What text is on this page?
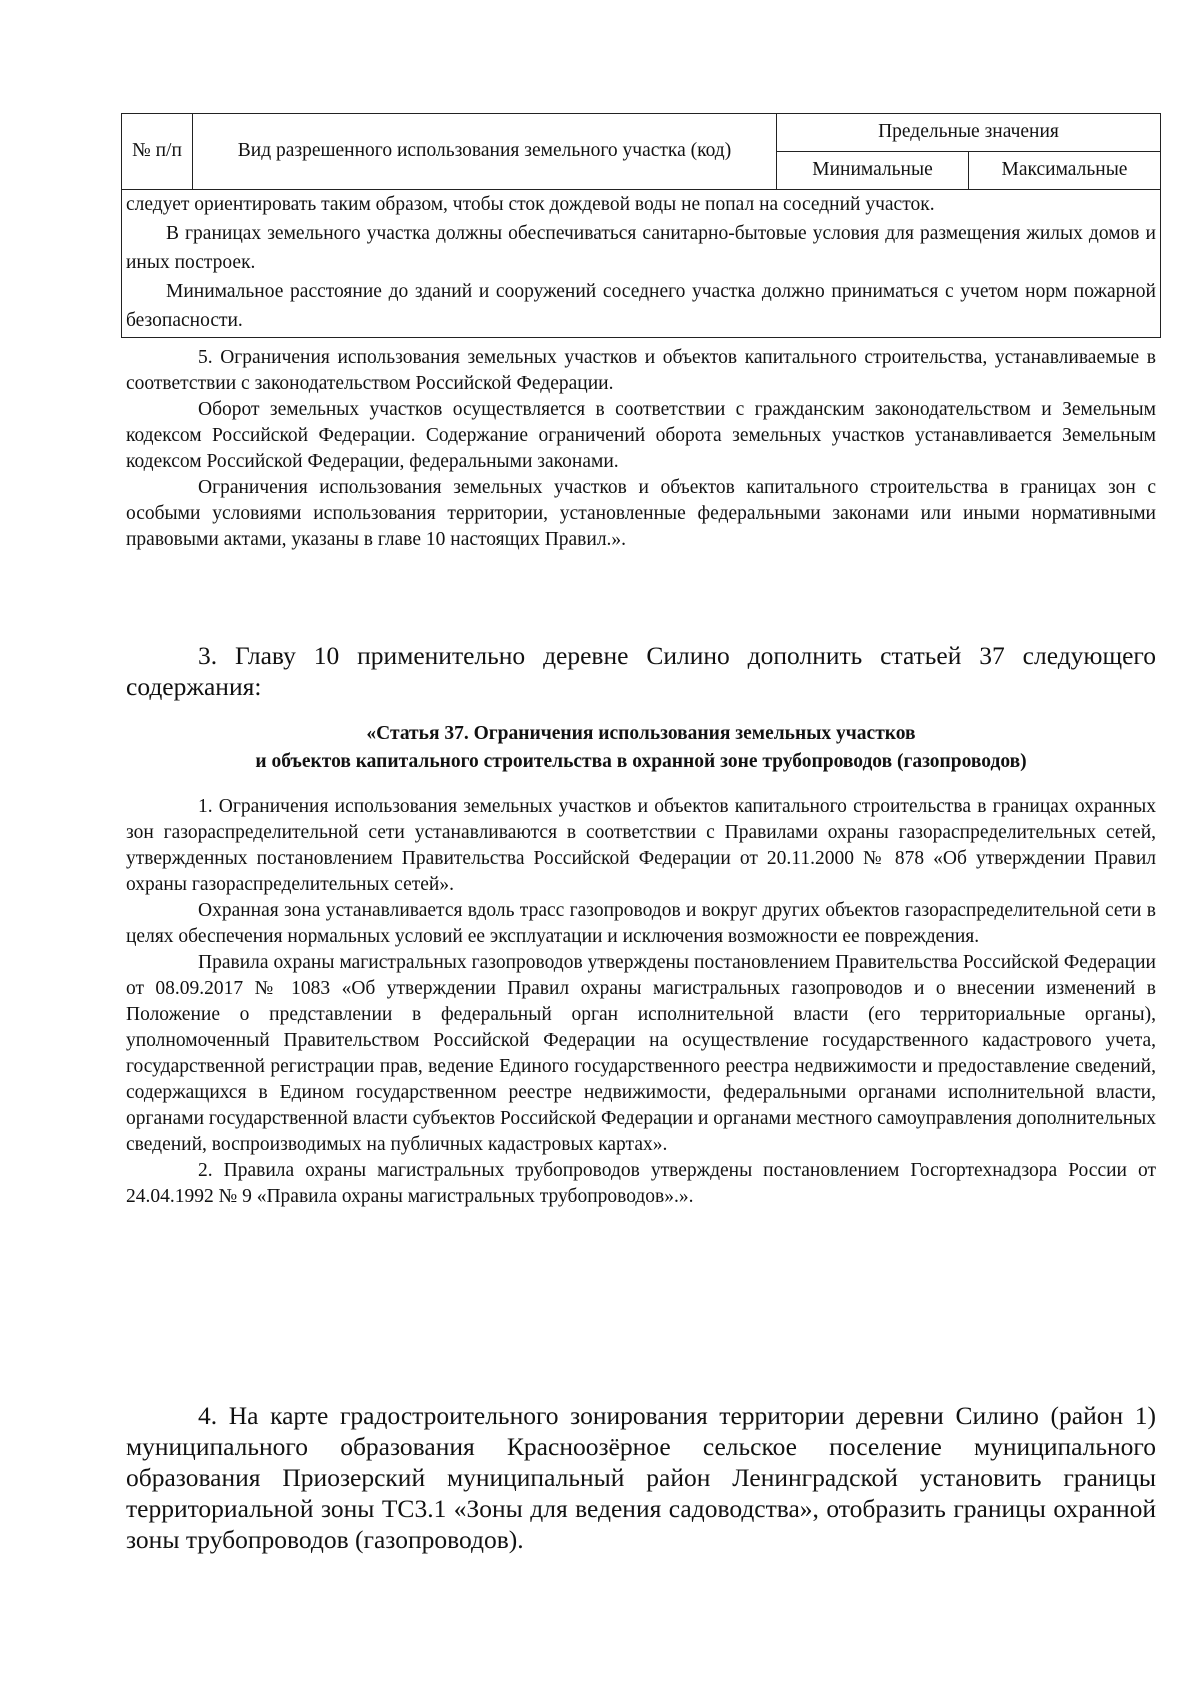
№ п/п	Вид разрешенного использования земельного участка (код)	Предельные значения	
		Минимальные	Максимальные

следует ориентировать таким образом, чтобы сток дождевой воды не попал на соседний участок.

В границах земельного участка должны обеспечиваться санитарно-бытовые условия для размещения жилых домов и иных построек.

Минимальное расстояние до зданий и сооружений соседнего участка должно приниматься с учетом норм пожарной безопасности.			

5. Ограничения использования земельных участков и объектов капитального строительства, устанавливаемые в соответствии с законодательством Российской Федерации.

Оборот земельных участков осуществляется в соответствии с гражданским законодательством и Земельным кодексом Российской Федерации. Содержание ограничений оборота земельных участков устанавливается Земельным кодексом Российской Федерации, федеральными законами.

Ограничения использования земельных участков и объектов капитального строительства в границах зон с особыми условиями использования территории, установленные федеральными законами или иными нормативными правовыми актами, указаны в главе 10 настоящих Правил.».

3. Главу 10 применительно деревне Силино дополнить статьей 37 следующего содержания:

«Статья 37. Ограничения использования земельных участков

и объектов капитального строительства в охранной зоне трубопроводов (газопроводов)

1. Ограничения использования земельных участков и объектов капитального строительства в границах охранных зон газораспределительной сети устанавливаются в соответствии с Правилами охраны газораспределительных сетей, утвержденных постановлением Правительства Российской Федерации от 20.11.2000 № 878 «Об утверждении Правил охраны газораспределительных сетей».

Охранная зона устанавливается вдоль трасс газопроводов и вокруг других объектов газораспределительной сети в целях обеспечения нормальных условий ее эксплуатации и исключения возможности ее повреждения.

Правила охраны магистральных газопроводов утверждены постановлением Правительства Российской Федерации от 08.09.2017 № 1083 «Об утверждении Правил охраны магистральных газопроводов и о внесении изменений в Положение о представлении в федеральный орган исполнительной власти (его территориальные органы), уполномоченный Правительством Российской Федерации на осуществление государственного кадастрового учета, государственной регистрации прав, ведение Единого государственного реестра недвижимости и предоставление сведений, содержащихся в Едином государственном реестре недвижимости, федеральными органами исполнительной власти, органами государственной власти субъектов Российской Федерации и органами местного самоуправления дополнительных сведений, воспроизводимых на публичных кадастровых картах».

2. Правила охраны магистральных трубопроводов утверждены постановлением Госгортехнадзора России от 24.04.1992 № 9 «Правила охраны магистральных трубопроводов».».

4. На карте градостроительного зонирования территории деревни Силино (район 1) муниципального образования Красноозёрное сельское поселение муниципального образования Приозерский муниципальный район Ленинградской установить границы территориальной зоны ТС3.1 «Зоны для ведения садоводства», отобразить границы охранной зоны трубопроводов (газопроводов).
